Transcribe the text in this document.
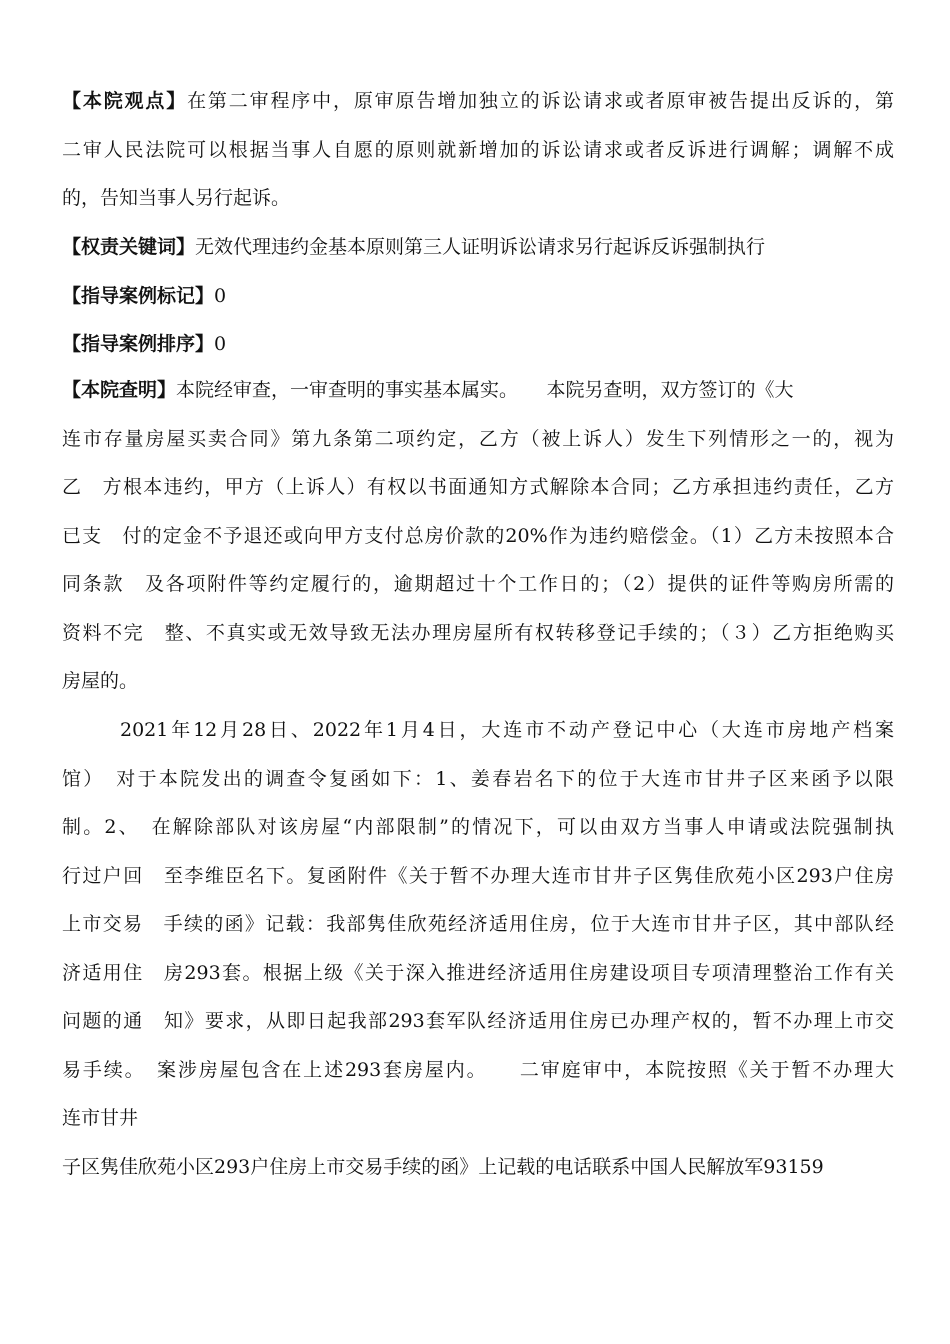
【本院观点】在第二审程序中，原审原告增加独立的诉讼请求或者原审被告提出反诉的，第
二审人民法院可以根据当事人自愿的原则就新增加的诉讼请求或者反诉进行调解；调解不成
的，告知当事人另行起诉。
【权责关键词】无效代理违约金基本原则第三人证明诉讼请求另行起诉反诉强制执行
【指导案例标记】0
【指导案例排序】0
【本院查明】本院经审查，一审查明的事实基本属实。　　本院另查明，双方签订的《大
连市存量房屋买卖合同》第九条第二项约定，乙方（被上诉人）发生下列情形之一的，视为
乙　方根本违约，甲方（上诉人）有权以书面通知方式解除本合同；乙方承担违约责任，乙方
已支　付的定金不予退还或向甲方支付总房价款的20%作为违约赔偿金。（1）乙方未按照本合
同条款　及各项附件等约定履行的，逾期超过十个工作日的；（2）提供的证件等购房所需的
资料不完　整、不真实或无效导致无法办理房屋所有权转移登记手续的；（３）乙方拒绝购买
房屋的。
2021年12月28日、2022年1月4日，大连市不动产登记中心（大连市房地产档案
馆）　对于本院发出的调查令复函如下：1、姜春岩名下的位于大连市甘井子区来函予以限
制。2、　在解除部队对该房屋“内部限制”的情况下，可以由双方当事人申请或法院强制执
行过户回　至李维臣名下。复函附件《关于暂不办理大连市甘井子区隽佳欣苑小区293户住房
上市交易　手续的函》记载：我部隽佳欣苑经济适用住房，位于大连市甘井子区，其中部队经
济适用住　房293套。根据上级《关于深入推进经济适用住房建设项目专项清理整治工作有关
问题的通　知》要求，从即日起我部293套军队经济适用住房已办理产权的，暂不办理上市交
易手续。　案涉房屋包含在上述293套房屋内。　　二审庭审中，本院按照《关于暂不办理大
连市甘井
子区隽佳欣苑小区293户住房上市交易手续的函》上记载的电话联系中国人民解放军93159
